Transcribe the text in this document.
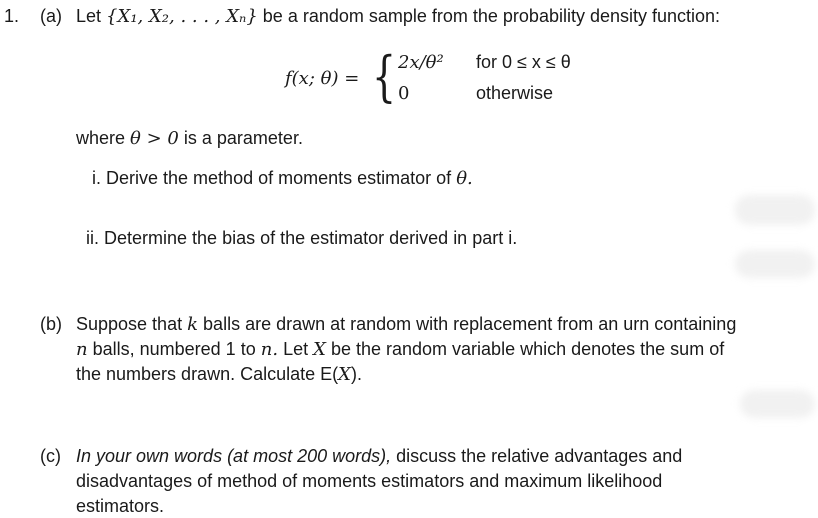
1. (a) Let {X₁, X₂, . . . , Xₙ} be a random sample from the probability density function:
f(x; θ) = { 2x/θ² for 0 ≤ x ≤ θ
0	otherwise
where θ > 0 is a parameter.
i. Derive the method of moments estimator of θ.
ii. Determine the bias of the estimator derived in part i.
(b) Suppose that k balls are drawn at random with replacement from an urn containing
n balls, numbered 1 to n. Let X be the random variable which denotes the sum of
the numbers drawn. Calculate E(X).
(c) In your own words (at most 200 words), discuss the relative advantages and
disadvantages of method of moments estimators and maximum likelihood
estimators.
